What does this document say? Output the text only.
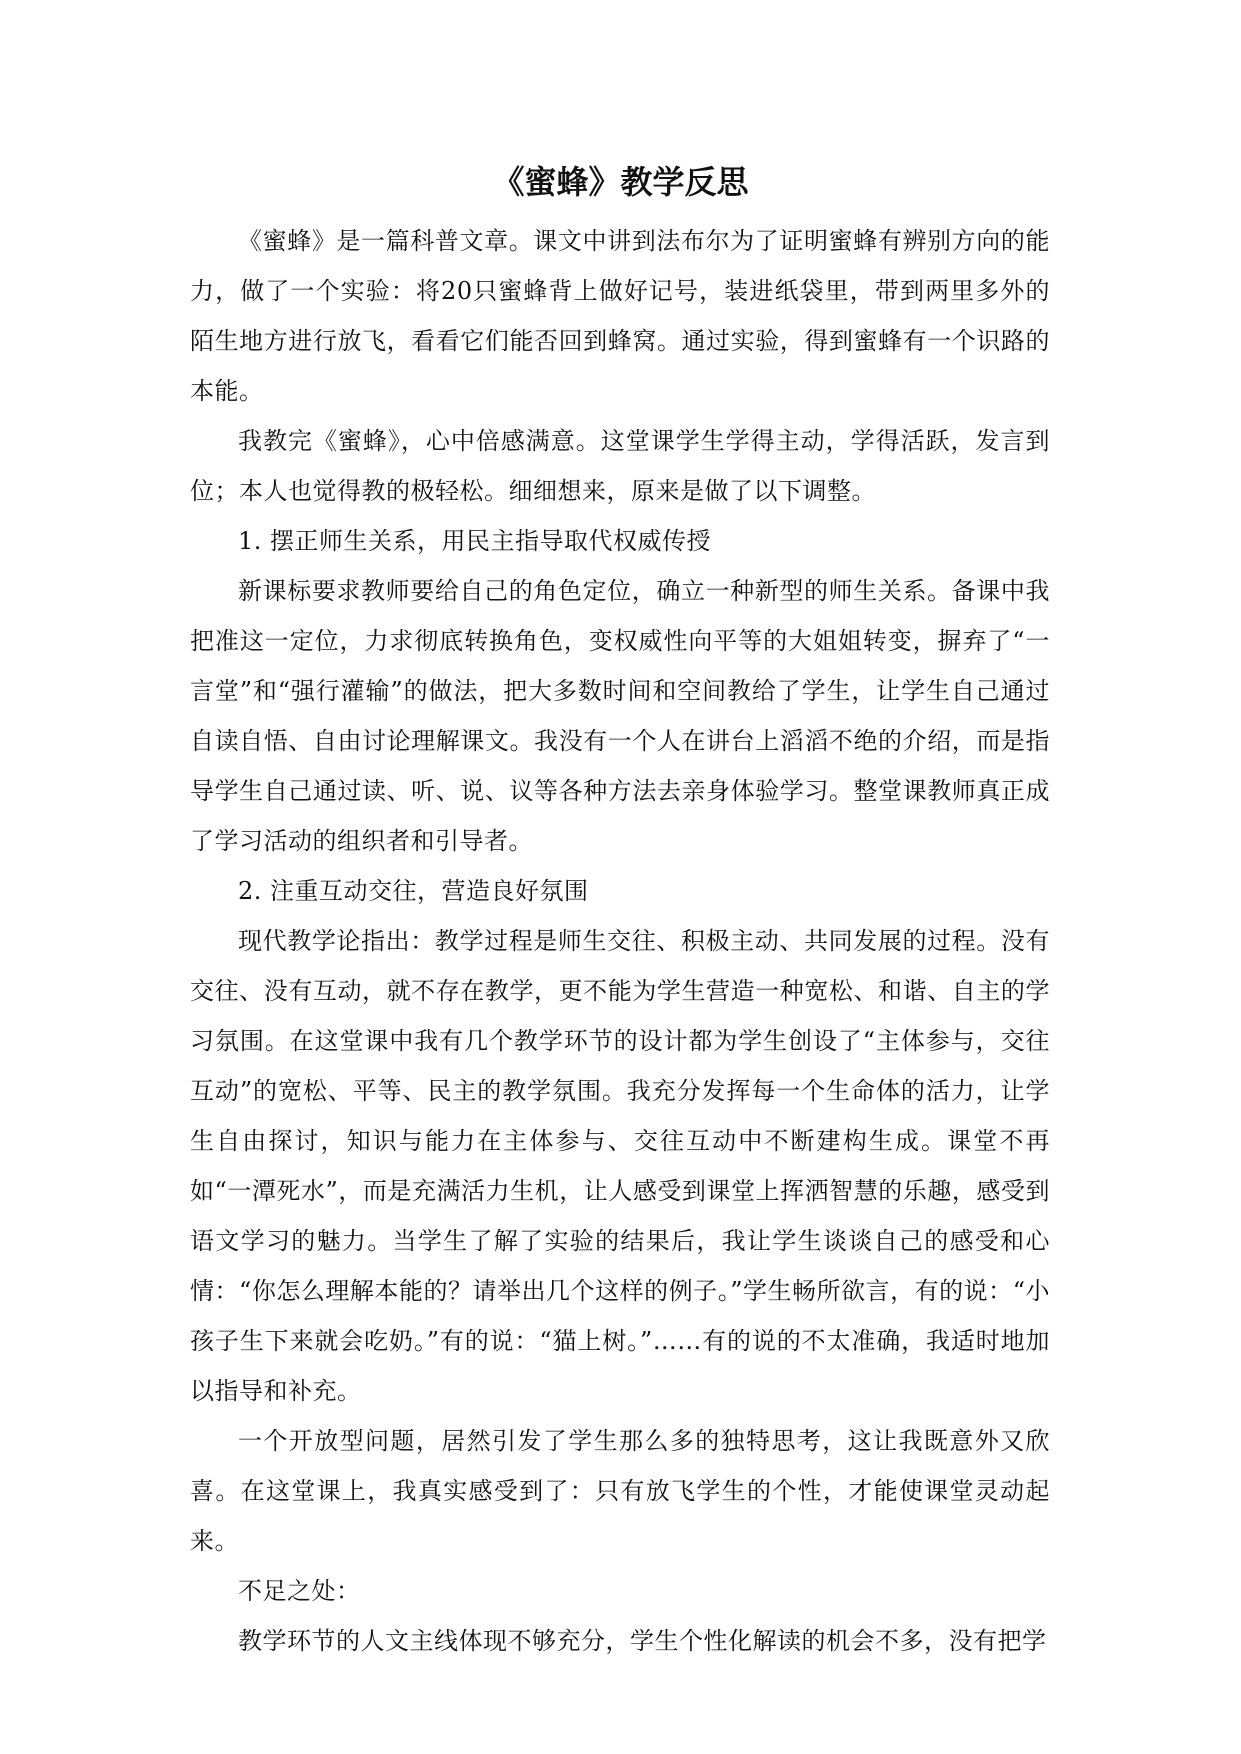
《蜜蜂》教学反思

《蜜蜂》是一篇科普文章。课文中讲到法布尔为了证明蜜蜂有辨别方向的能力，做了一个实验：将20只蜜蜂背上做好记号，装进纸袋里，带到两里多外的陌生地方进行放飞，看看它们能否回到蜂窝。通过实验，得到蜜蜂有一个识路的本能。

我教完《蜜蜂》，心中倍感满意。这堂课学生学得主动，学得活跃，发言到位；本人也觉得教的极轻松。细细想来，原来是做了以下调整。

1. 摆正师生关系，用民主指导取代权威传授

新课标要求教师要给自己的角色定位，确立一种新型的师生关系。备课中我把准这一定位，力求彻底转换角色，变权威性向平等的大姐姐转变，摒弃了“一言堂”和“强行灌输”的做法，把大多数时间和空间教给了学生，让学生自己通过自读自悟、自由讨论理解课文。我没有一个人在讲台上滔滔不绝的介绍，而是指导学生自己通过读、听、说、议等各种方法去亲身体验学习。整堂课教师真正成了学习活动的组织者和引导者。

2. 注重互动交往，营造良好氛围

现代教学论指出：教学过程是师生交往、积极主动、共同发展的过程。没有交往、没有互动，就不存在教学，更不能为学生营造一种宽松、和谐、自主的学习氛围。在这堂课中我有几个教学环节的设计都为学生创设了“主体参与，交往互动”的宽松、平等、民主的教学氛围。我充分发挥每一个生命体的活力，让学生自由探讨，知识与能力在主体参与、交往互动中不断建构生成。课堂不再如“一潭死水”，而是充满活力生机，让人感受到课堂上挥洒智慧的乐趣，感受到语文学习的魅力。当学生了解了实验的结果后，我让学生谈谈自己的感受和心情：“你怎么理解本能的？请举出几个这样的例子。”学生畅所欲言，有的说：“小孩子生下来就会吃奶。”有的说：“猫上树。”……有的说的不太准确，我适时地加以指导和补充。

一个开放型问题，居然引发了学生那么多的独特思考，这让我既意外又欣喜。在这堂课上，我真实感受到了：只有放飞学生的个性，才能使课堂灵动起来。

不足之处：

教学环节的人文主线体现不够充分，学生个性化解读的机会不多，没有把学
